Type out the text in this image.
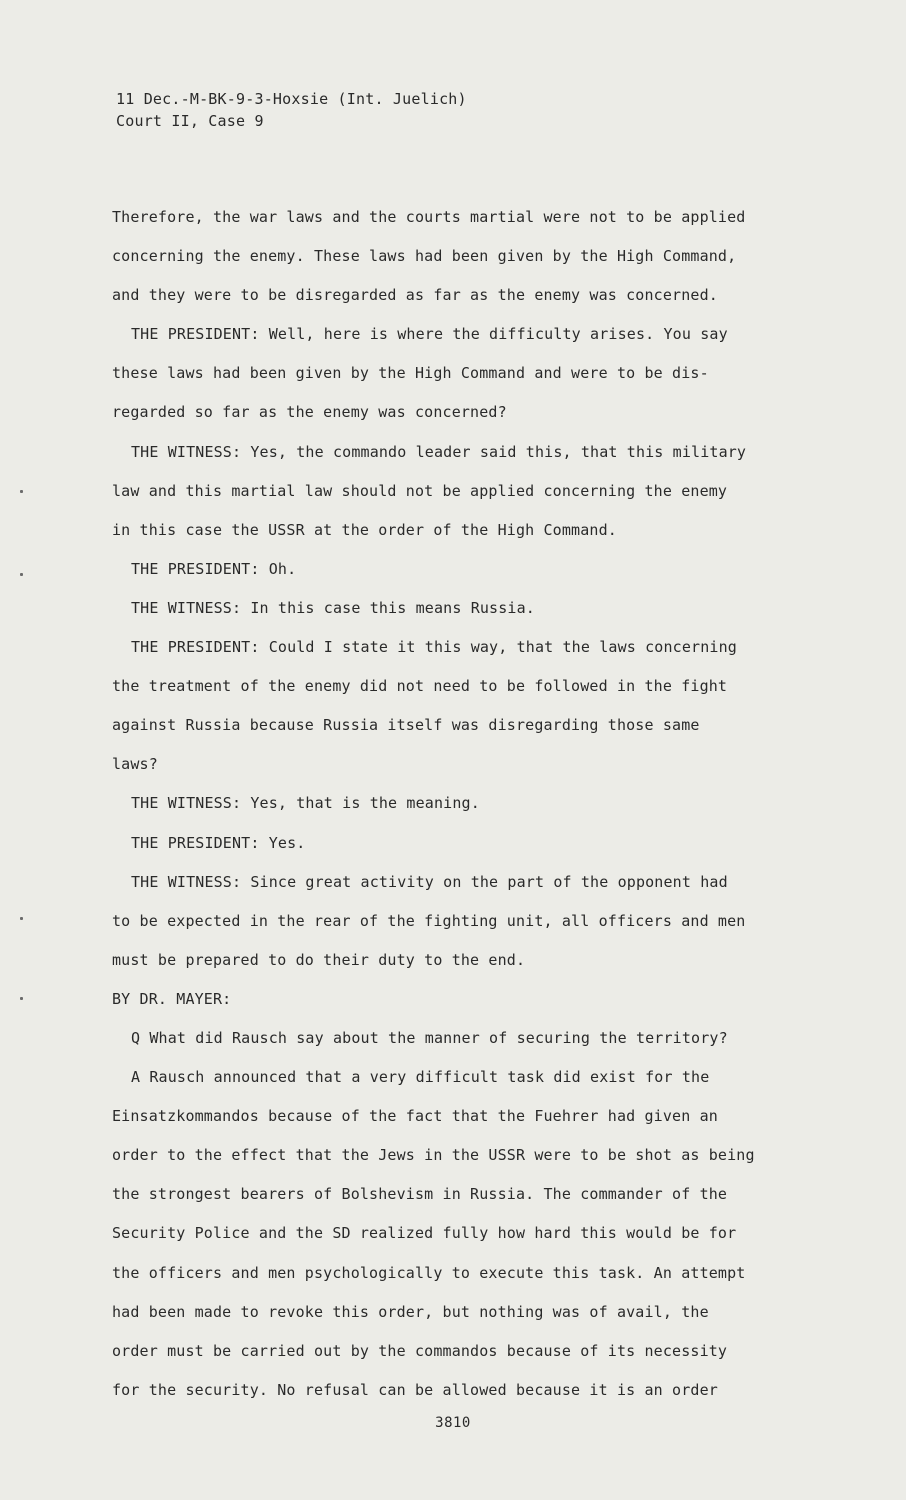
11 Dec.-M-BK-9-3-Hoxsie (Int. Juelich)
Court II, Case 9
Therefore, the war laws and the courts martial were not to be applied
concerning the enemy. These laws had been given by the High Command,
and they were to be disregarded as far as the enemy was concerned.
THE PRESIDENT: Well, here is where the difficulty arises. You say
these laws had been given by the High Command and were to be dis-
regarded so far as the enemy was concerned?
THE WITNESS: Yes, the commando leader said this, that this military
law and this martial law should not be applied concerning the enemy
in this case the USSR at the order of the High Command.
THE PRESIDENT: Oh.
THE WITNESS: In this case this means Russia.
THE PRESIDENT: Could I state it this way, that the laws concerning
the treatment of the enemy did not need to be followed in the fight
against Russia because Russia itself was disregarding those same
laws?
THE WITNESS: Yes, that is the meaning.
THE PRESIDENT: Yes.
THE WITNESS: Since great activity on the part of the opponent had
to be expected in the rear of the fighting unit, all officers and men
must be prepared to do their duty to the end.
BY DR. MAYER:
Q What did Rausch say about the manner of securing the territory?
A Rausch announced that a very difficult task did exist for the
Einsatzkommandos because of the fact that the Fuehrer had given an
order to the effect that the Jews in the USSR were to be shot as being
the strongest bearers of Bolshevism in Russia. The commander of the
Security Police and the SD realized fully how hard this would be for
the officers and men psychologically to execute this task. An attempt
had been made to revoke this order, but nothing was of avail, the
order must be carried out by the commandos because of its necessity
for the security. No refusal can be allowed because it is an order
3810
